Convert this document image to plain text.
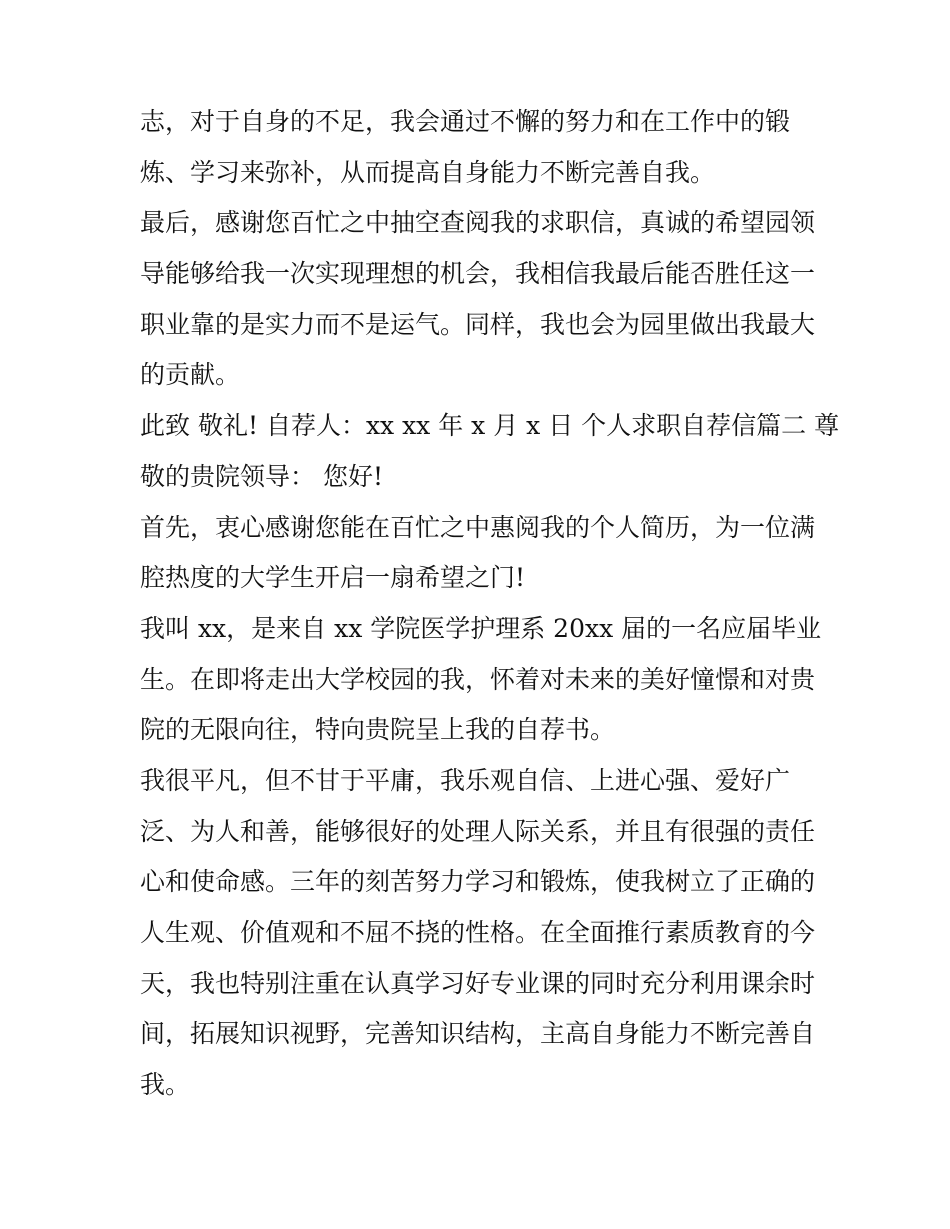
志，对于自身的不足，我会通过不懈的努力和在工作中的锻
炼、学习来弥补，从而提高自身能力不断完善自我。
最后，感谢您百忙之中抽空查阅我的求职信，真诚的希望园领
导能够给我一次实现理想的机会，我相信我最后能否胜任这一
职业靠的是实力而不是运气。同样，我也会为园里做出我最大
的贡献。
此致 敬礼! 自荐人：xx xx 年 x 月 x 日 个人求职自荐信篇二 尊
敬的贵院领导： 您好!
首先，衷心感谢您能在百忙之中惠阅我的个人简历，为一位满
腔热度的大学生开启一扇希望之门!
我叫 xx，是来自 xx 学院医学护理系 20xx 届的一名应届毕业
生。在即将走出大学校园的我，怀着对未来的美好憧憬和对贵
院的无限向往，特向贵院呈上我的自荐书。
我很平凡，但不甘于平庸，我乐观自信、上进心强、爱好广
泛、为人和善，能够很好的处理人际关系，并且有很强的责任
心和使命感。三年的刻苦努力学习和锻炼，使我树立了正确的
人生观、价值观和不屈不挠的性格。在全面推行素质教育的今
天，我也特别注重在认真学习好专业课的同时充分利用课余时
间，拓展知识视野，完善知识结构，主高自身能力不断完善自
我。
